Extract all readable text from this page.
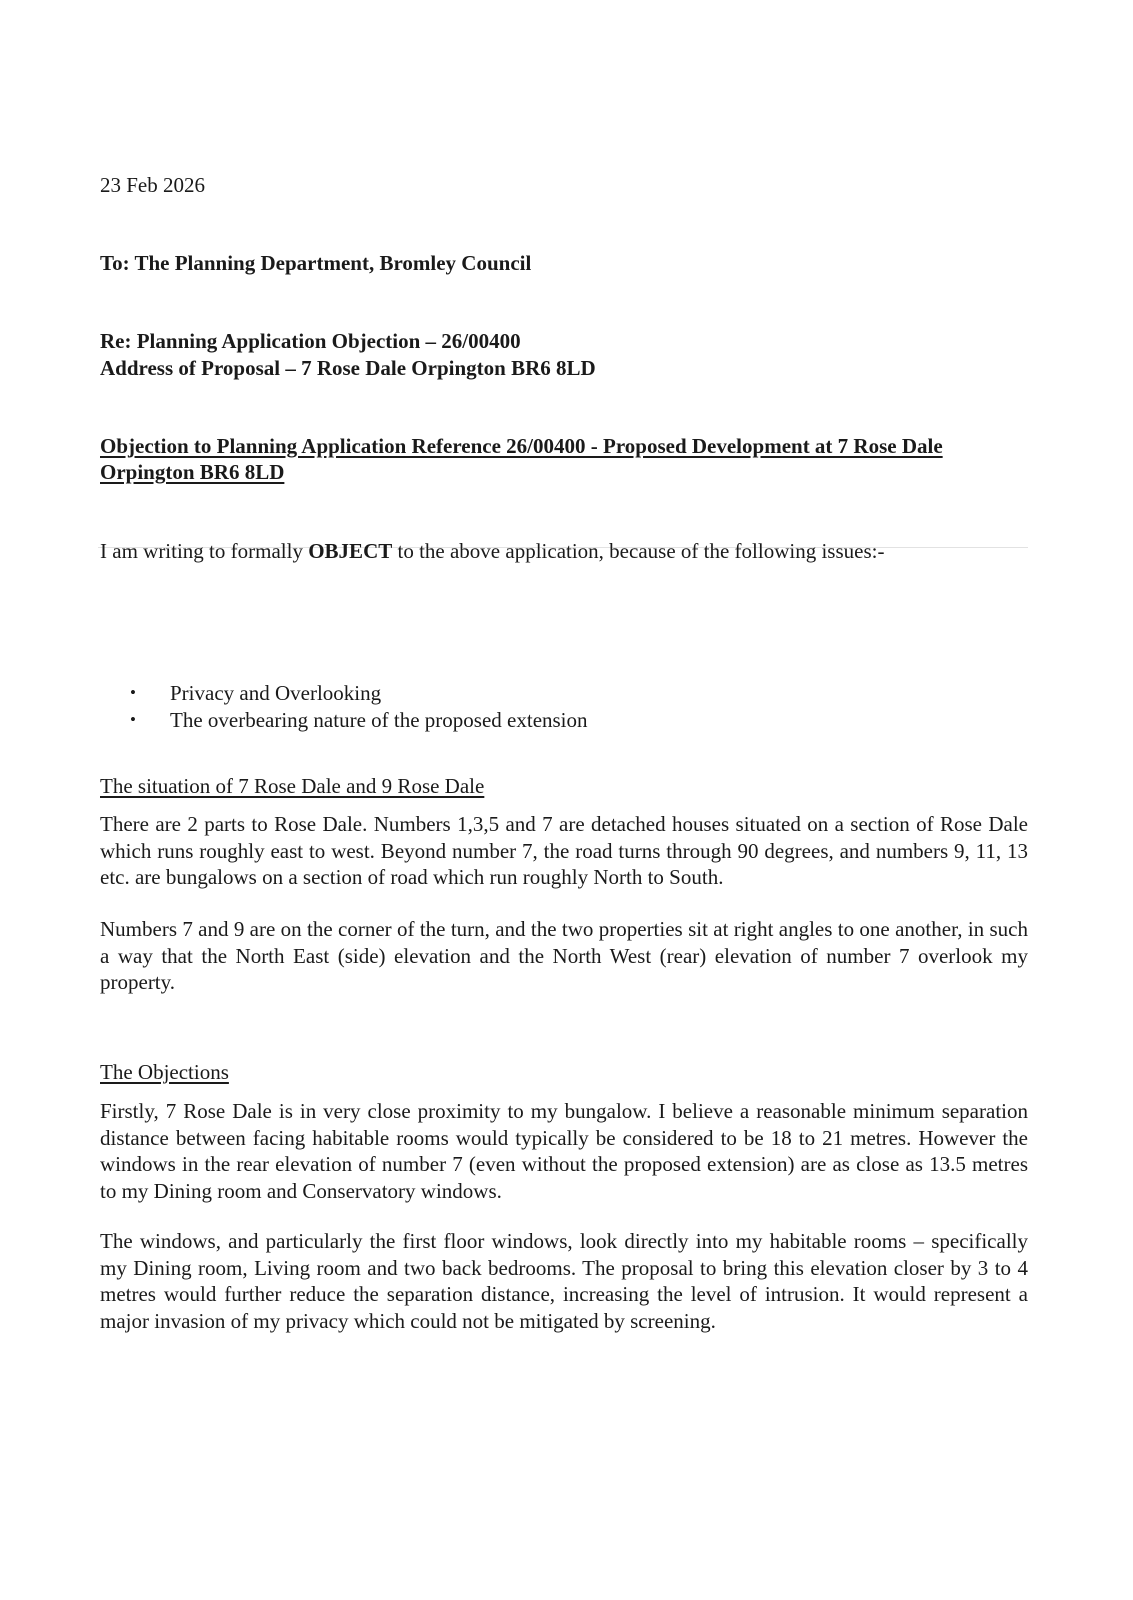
23 Feb 2026
To: The Planning Department, Bromley Council
Re: Planning Application Objection – 26/00400
Address of Proposal – 7 Rose Dale Orpington BR6 8LD
Objection to Planning Application Reference 26/00400 - Proposed Development at 7 Rose Dale
Orpington BR6 8LD
I am writing to formally OBJECT to the above application, because of the following issues:-
• Privacy and Overlooking
• The overbearing nature of the proposed extension
The situation of 7 Rose Dale and 9 Rose Dale

There are 2 parts to Rose Dale. Numbers 1,3,5 and 7 are detached houses situated on a section of Rose Dale which runs roughly east to west. Beyond number 7, the road turns through 90 degrees, and numbers 9, 11, 13 etc. are bungalows on a section of road which run roughly North to South.

Numbers 7 and 9 are on the corner of the turn, and the two properties sit at right angles to one another, in such a way that the North East (side) elevation and the North West (rear) elevation of number 7 overlook my property.

The Objections

Firstly, 7 Rose Dale is in very close proximity to my bungalow. I believe a reasonable minimum separation distance between facing habitable rooms would typically be considered to be 18 to 21 metres. However the windows in the rear elevation of number 7 (even without the proposed extension) are as close as 13.5 metres to my Dining room and Conservatory windows.

The windows, and particularly the first floor windows, look directly into my habitable rooms – specifically my Dining room, Living room and two back bedrooms. The proposal to bring this elevation closer by 3 to 4 metres would further reduce the separation distance, increasing the level of intrusion. It would represent a major invasion of my privacy which could not be mitigated by screening.
